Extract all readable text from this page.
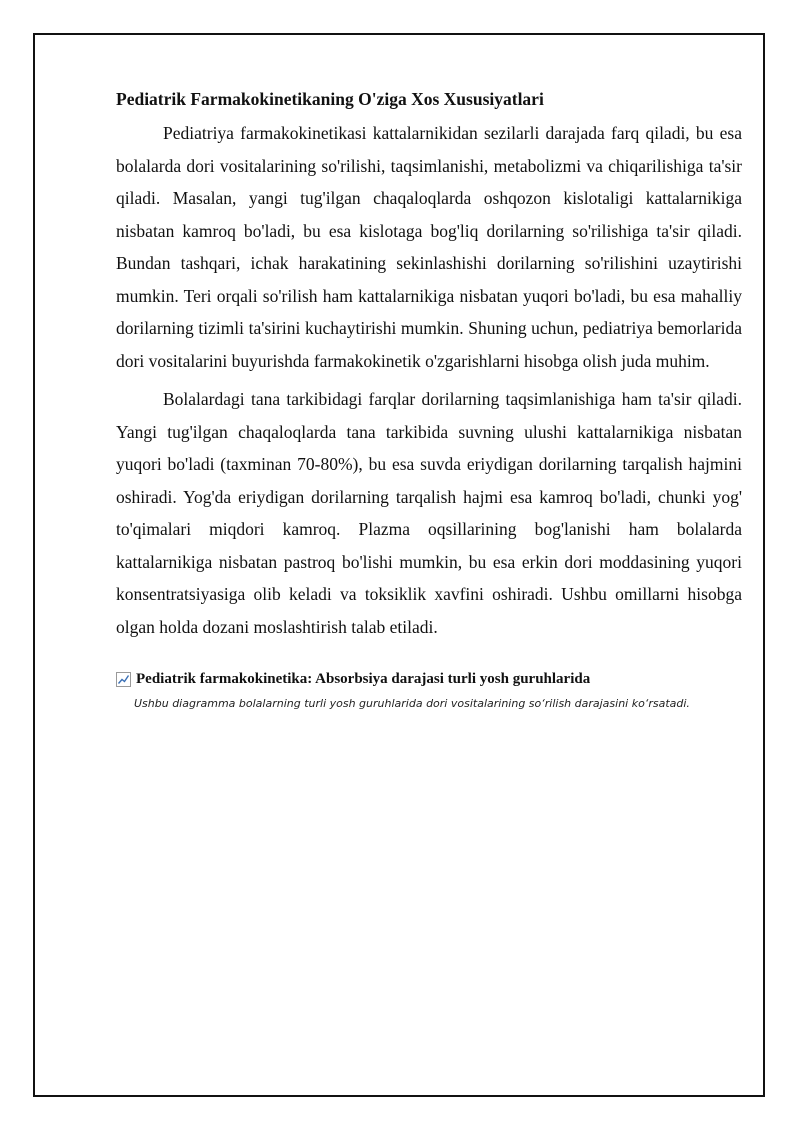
Pediatrik Farmakokinetikaning O'ziga Xos Xususiyatlari

Pediatriya farmakokinetikasi kattalarnikidan sezilarli darajada farq qiladi, bu esa bolalarda dori vositalarining so'rilishi, taqsimlanishi, metabolizmi va chiqarilishiga ta'sir qiladi. Masalan, yangi tug'ilgan chaqaloqlarda oshqozon kislotaligi kattalarnikiga nisbatan kamroq bo'ladi, bu esa kislotaga bog'liq dorilarning so'rilishiga ta'sir qiladi. Bundan tashqari, ichak harakatining sekinlashishi dorilarning so'rilishini uzaytirishi mumkin. Teri orqali so'rilish ham kattalarnikiga nisbatan yuqori bo'ladi, bu esa mahalliy dorilarning tizimli ta'sirini kuchaytirishi mumkin. Shuning uchun, pediatriya bemorlarida dori vositalarini buyurishda farmakokinetik o'zgarishlarni hisobga olish juda muhim.

Bolalardagi tana tarkibidagi farqlar dorilarning taqsimlanishiga ham ta'sir qiladi. Yangi tug'ilgan chaqaloqlarda tana tarkibida suvning ulushi kattalarnikiga nisbatan yuqori bo'ladi (taxminan 70-80%), bu esa suvda eriydigan dorilarning tarqalish hajmini oshiradi. Yog'da eriydigan dorilarning tarqalish hajmi esa kamroq bo'ladi, chunki yog' to'qimalari miqdori kamroq. Plazma oqsillarining bog'lanishi ham bolalarda kattalarnikiga nisbatan pastroq bo'lishi mumkin, bu esa erkin dori moddasining yuqori konsentratsiyasiga olib keladi va toksiklik xavfini oshiradi. Ushbu omillarni hisobga olgan holda dozani moslashtirish talab etiladi.

Pediatrik farmakokinetika: Absorbsiya darajasi turli yosh guruhlarida
Ushbu diagramma bolalarning turli yosh guruhlarida dori vositalarining so‘rilish darajasini ko‘rsatadi.
